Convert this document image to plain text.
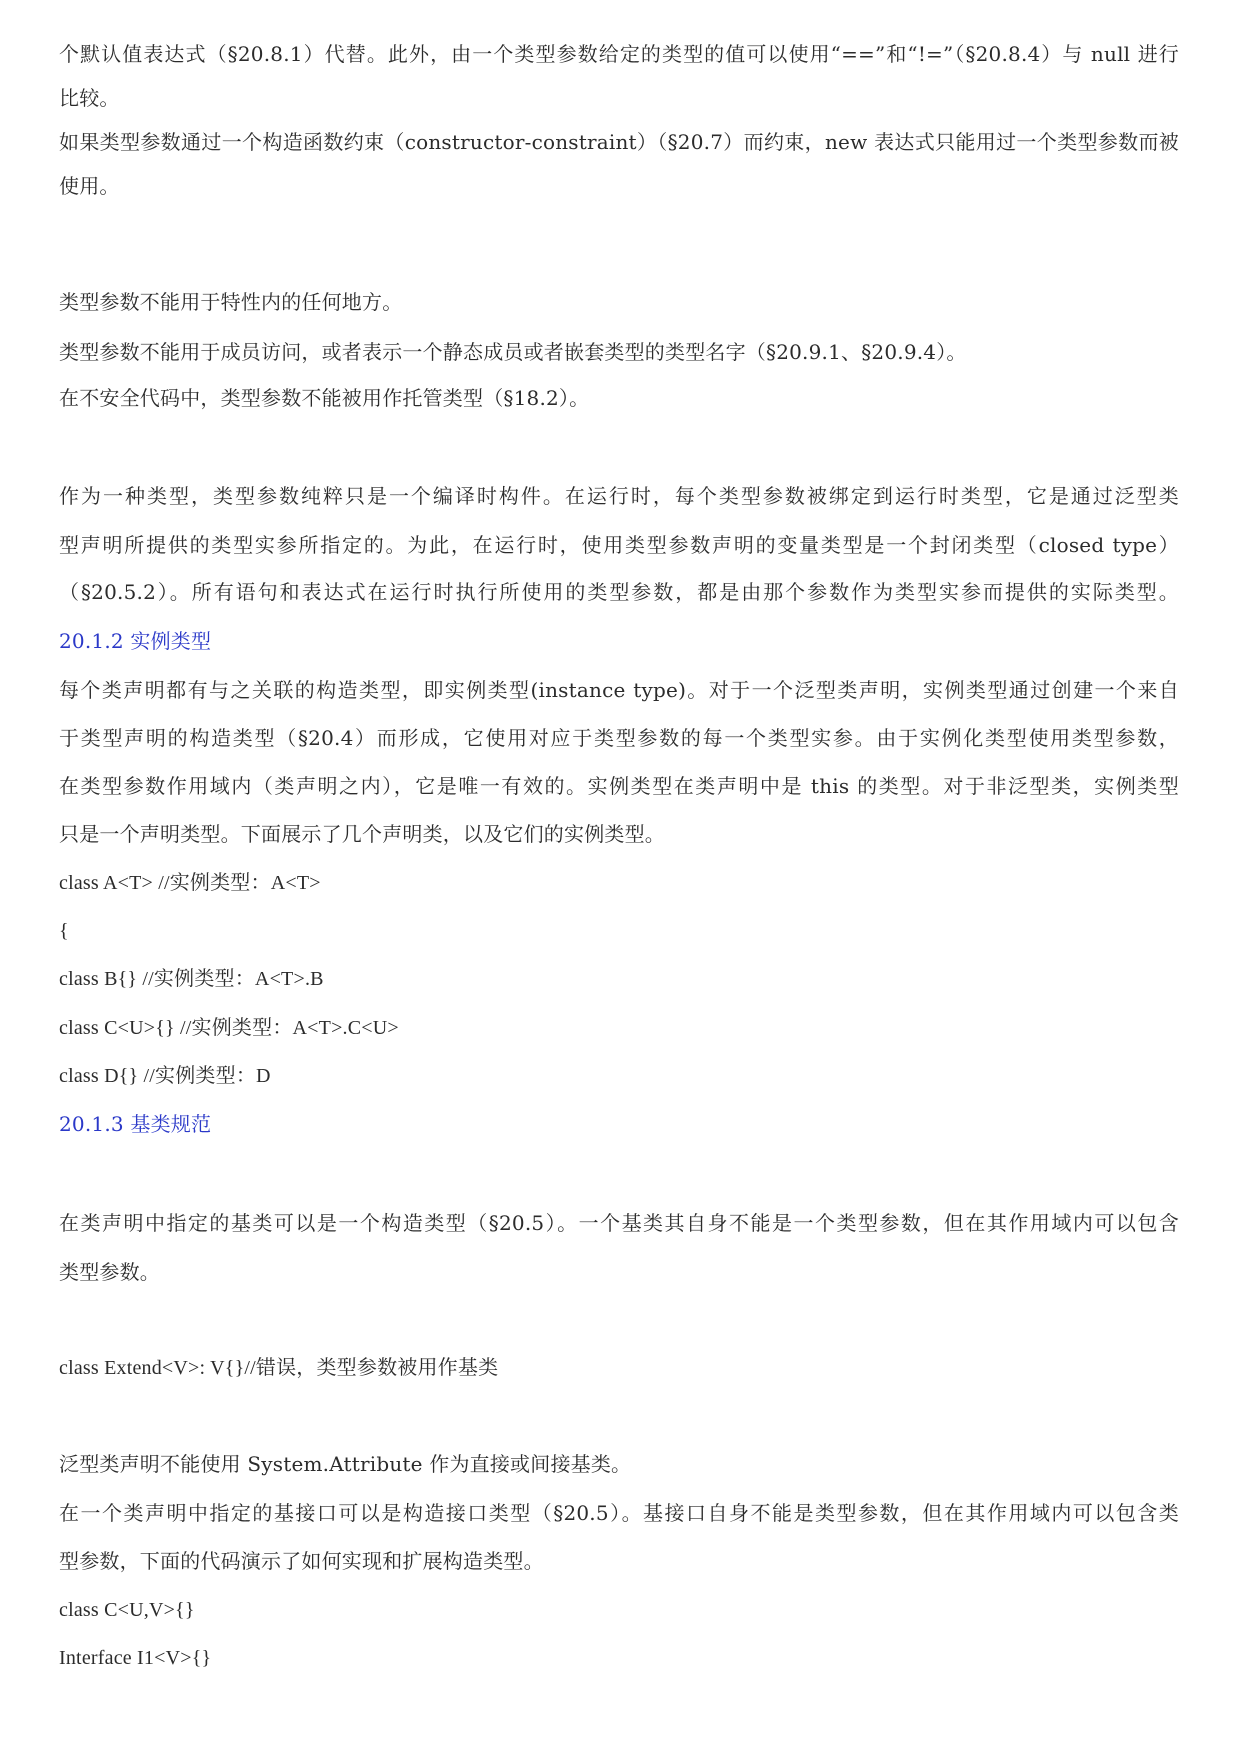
个默认值表达式（§20.8.1）代替。此外，由一个类型参数给定的类型的值可以使用“==”和“!=”（§20.8.4）与 null 进行
比较。
如果类型参数通过一个构造函数约束（constructor-constraint）（§20.7）而约束，new 表达式只能用过一个类型参数而被
使用。
类型参数不能用于特性内的任何地方。
类型参数不能用于成员访问，或者表示一个静态成员或者嵌套类型的类型名字（§20.9.1、§20.9.4）。
在不安全代码中，类型参数不能被用作托管类型（§18.2）。
作为一种类型，类型参数纯粹只是一个编译时构件。在运行时，每个类型参数被绑定到运行时类型，它是通过泛型类
型声明所提供的类型实参所指定的。为此，在运行时，使用类型参数声明的变量类型是一个封闭类型（closed type）
（§20.5.2）。所有语句和表达式在运行时执行所使用的类型参数，都是由那个参数作为类型实参而提供的实际类型。
20.1.2 实例类型
每个类声明都有与之关联的构造类型，即实例类型(instance type)。对于一个泛型类声明，实例类型通过创建一个来自
于类型声明的构造类型（§20.4）而形成，它使用对应于类型参数的每一个类型实参。由于实例化类型使用类型参数，
在类型参数作用域内（类声明之内），它是唯一有效的。实例类型在类声明中是 this 的类型。对于非泛型类，实例类型
只是一个声明类型。下面展示了几个声明类，以及它们的实例类型。
class A<T> //实例类型：A<T>
{
class B{} //实例类型：A<T>.B
class C<U>{} //实例类型：A<T>.C<U>
class D{} //实例类型：D
20.1.3 基类规范
在类声明中指定的基类可以是一个构造类型（§20.5）。一个基类其自身不能是一个类型参数，但在其作用域内可以包含
类型参数。
class Extend<V>: V{}//错误，类型参数被用作基类
泛型类声明不能使用 System.Attribute 作为直接或间接基类。
在一个类声明中指定的基接口可以是构造接口类型（§20.5）。基接口自身不能是类型参数，但在其作用域内可以包含类
型参数，下面的代码演示了如何实现和扩展构造类型。
class C<U,V>{}
Interface I1<V>{}
